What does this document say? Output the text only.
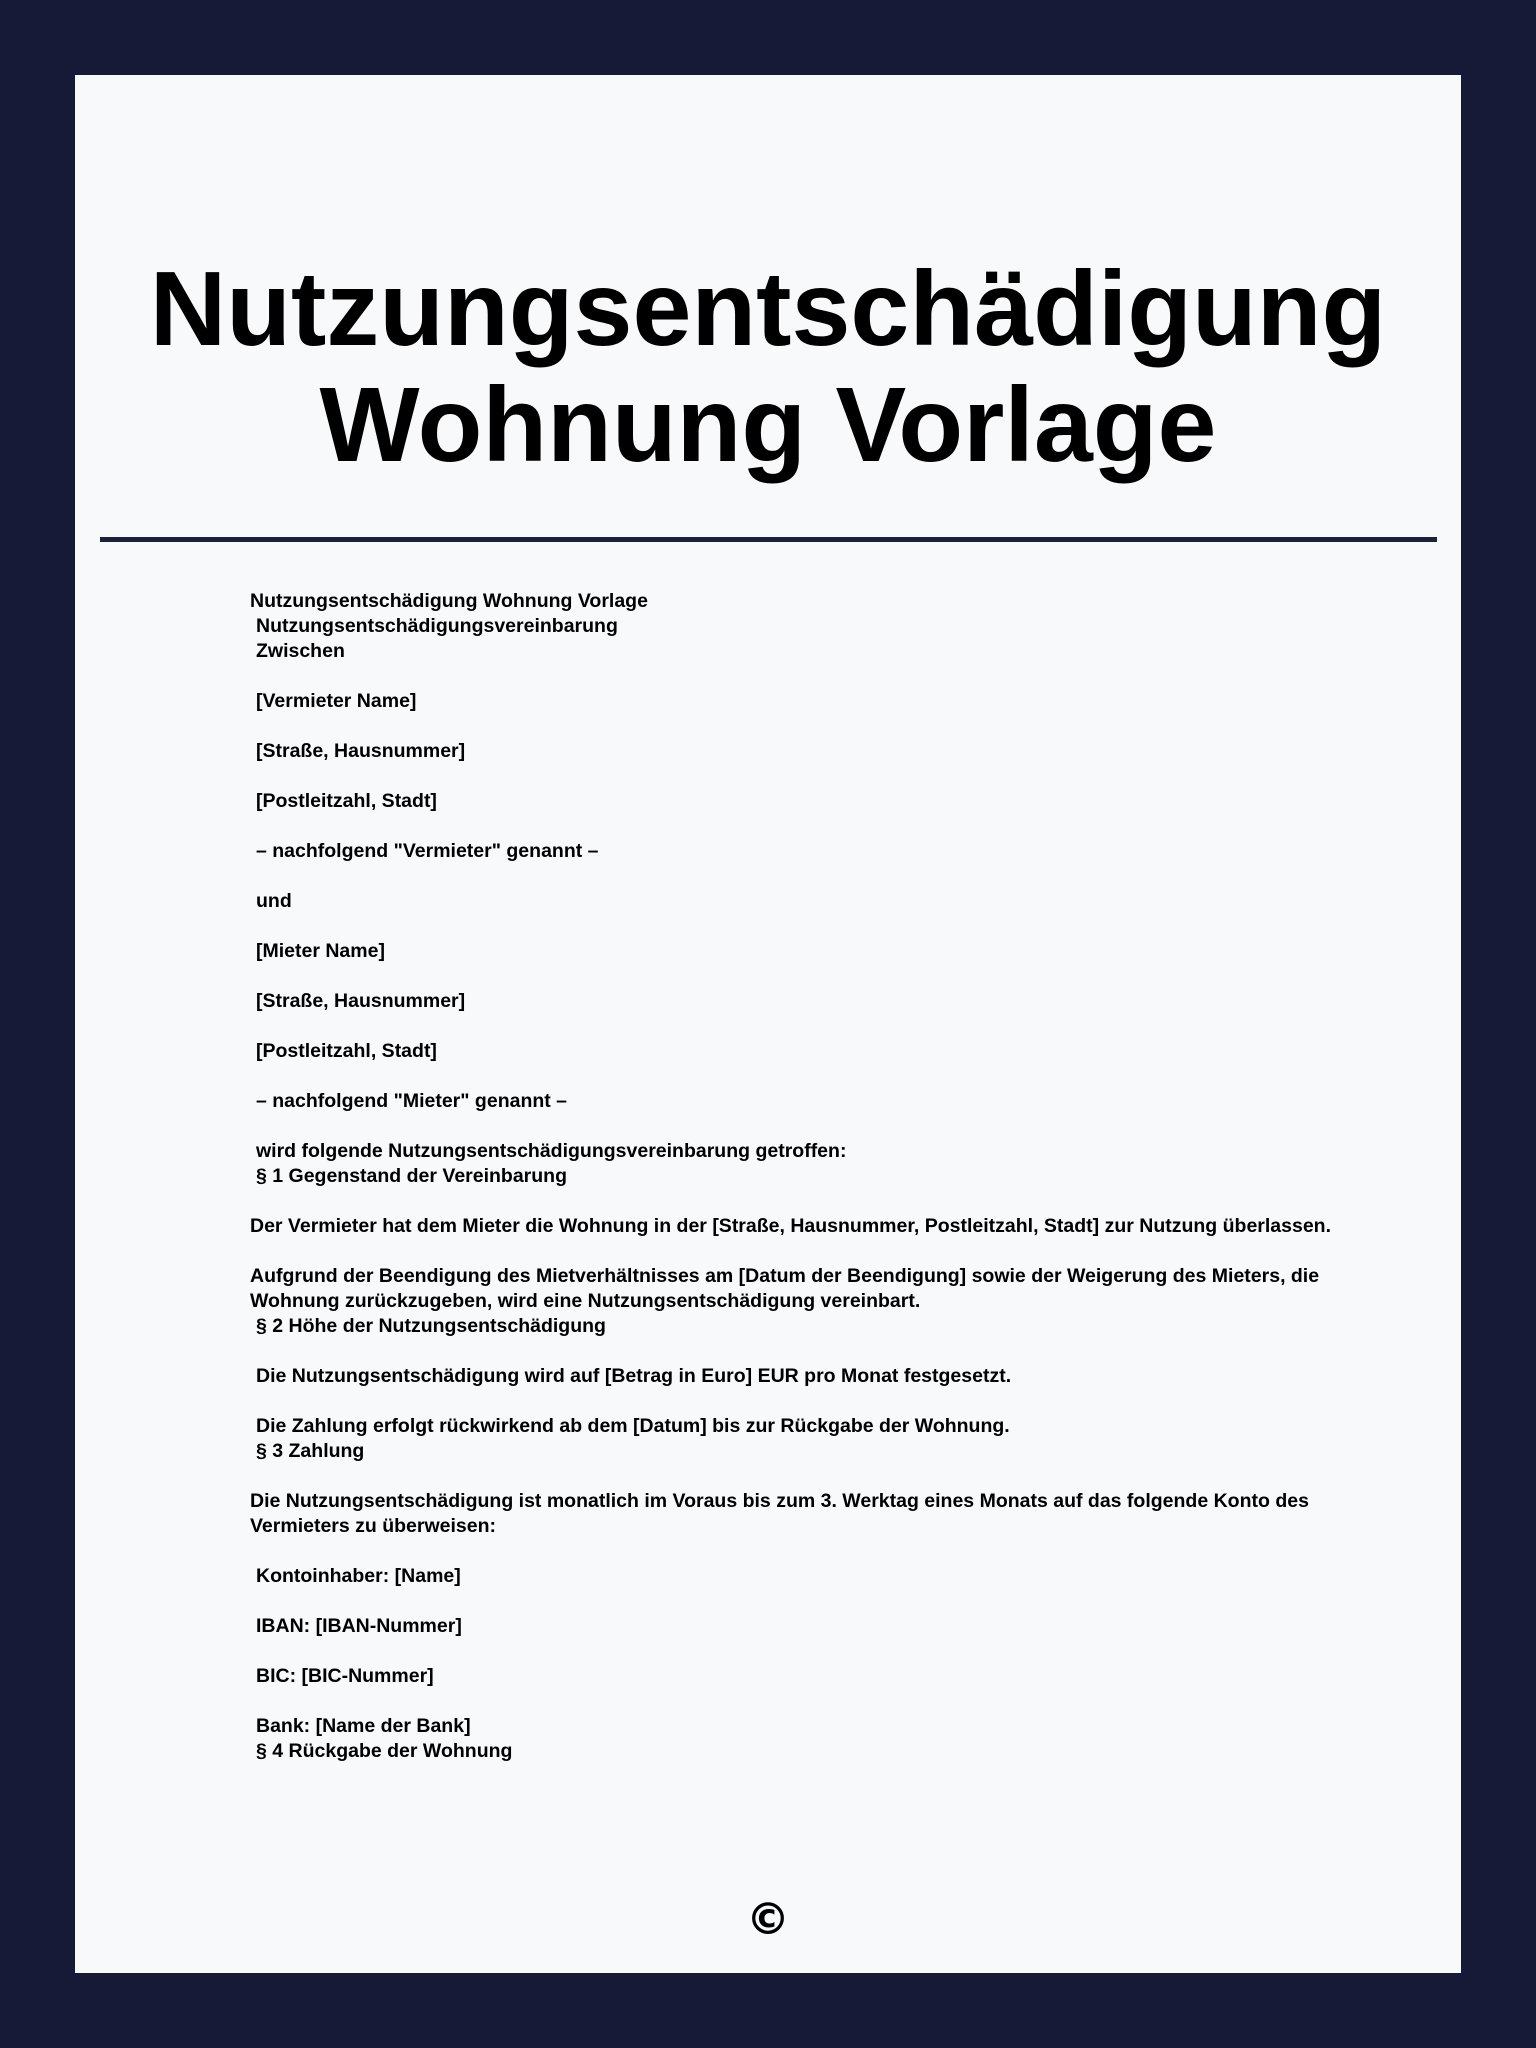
Nutzungsentschädigung
Wohnung Vorlage
Nutzungsentschädigung Wohnung Vorlage
Nutzungsentschädigungsvereinbarung
Zwischen
[Vermieter Name]
[Straße, Hausnummer]
[Postleitzahl, Stadt]
– nachfolgend "Vermieter" genannt –
und
[Mieter Name]
[Straße, Hausnummer]
[Postleitzahl, Stadt]
– nachfolgend "Mieter" genannt –
wird folgende Nutzungsentschädigungsvereinbarung getroffen:
§ 1 Gegenstand der Vereinbarung
Der Vermieter hat dem Mieter die Wohnung in der [Straße, Hausnummer, Postleitzahl, Stadt] zur Nutzung überlassen.
Aufgrund der Beendigung des Mietverhältnisses am [Datum der Beendigung] sowie der Weigerung des Mieters, die Wohnung zurückzugeben, wird eine Nutzungsentschädigung vereinbart.
§ 2 Höhe der Nutzungsentschädigung
Die Nutzungsentschädigung wird auf [Betrag in Euro] EUR pro Monat festgesetzt.
Die Zahlung erfolgt rückwirkend ab dem [Datum] bis zur Rückgabe der Wohnung.
§ 3 Zahlung
Die Nutzungsentschädigung ist monatlich im Voraus bis zum 3. Werktag eines Monats auf das folgende Konto des Vermieters zu überweisen:
Kontoinhaber: [Name]
IBAN: [IBAN-Nummer]
BIC: [BIC-Nummer]
Bank: [Name der Bank]
§ 4 Rückgabe der Wohnung
©
